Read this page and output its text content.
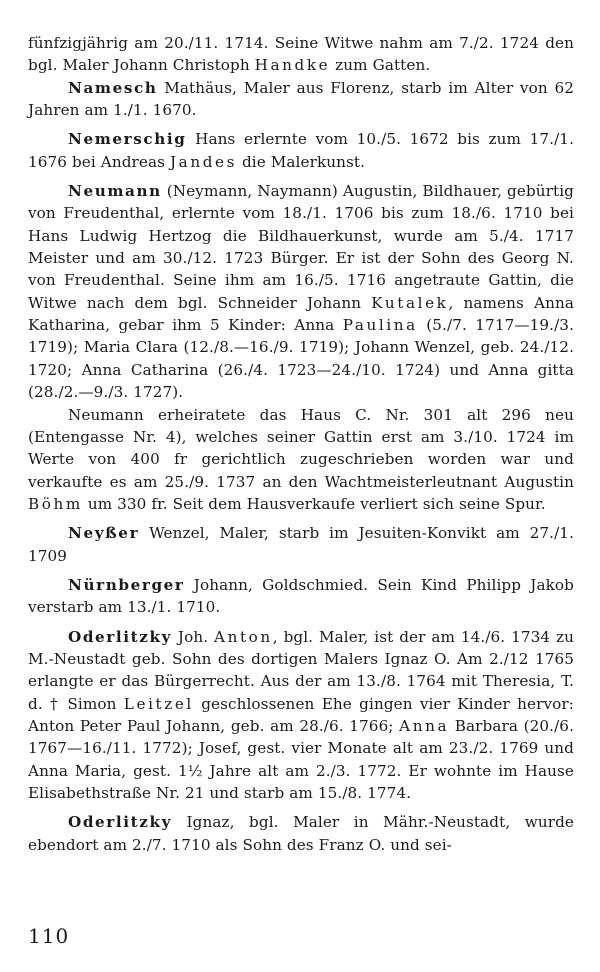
fünfzigjährig am 20./11. 1714. Seine Witwe nahm am 7./2. 1724 den bgl. Maler Johann Christoph Handke zum Gatten.

Namesch Mathäus, Maler aus Florenz, starb im Alter von 62 Jahren am 1./1. 1670.

Nemerschig Hans erlernte vom 10./5. 1672 bis zum 17./1. 1676 bei Andreas Jandes die Malerkunst.

Neumann (Neymann, Naymann) Augustin, Bildhauer, gebürtig von Freudenthal, erlernte vom 18./1. 1706 bis zum 18./6. 1710 bei Hans Ludwig Hertzog die Bildhauerkunst, wurde am 5./4. 1717 Meister und am 30./12. 1723 Bürger. Er ist der Sohn des Georg N. von Freudenthal. Seine ihm am 16./5. 1716 angetraute Gattin, die Witwe nach dem bgl. Schneider Johann Kutalek, namens Anna Katharina, gebar ihm 5 Kinder: Anna Paulina (5./7. 1717—19./3. 1719); Maria Clara (12./8.—16./9. 1719); Johann Wenzel, geb. 24./12. 1720; Anna Catharina (26./4. 1723—24./10. 1724) und Anna gitta (28./2.—9./3. 1727).

Neumann erheiratete das Haus C. Nr. 301 alt 296 neu (Entengasse Nr. 4), welches seiner Gattin erst am 3./10. 1724 im Werte von 400 fr gerichtlich zugeschrieben worden war und verkaufte es am 25./9. 1737 an den Wachtmeisterleutnant Augustin Böhm um 330 fr. Seit dem Hausverkaufe verliert sich seine Spur.

Neyßer Wenzel, Maler, starb im Jesuiten-Konvikt am 27./1. 1709

Nürnberger Johann, Goldschmied. Sein Kind Philipp Jakob verstarb am 13./1. 1710.

Oderlitzky Joh. Anton, bgl. Maler, ist der am 14./6. 1734 zu M.-Neustadt geb. Sohn des dortigen Malers Ignaz O. Am 2./12 1765 erlangte er das Bürgerrecht. Aus der am 13./8. 1764 mit Theresia, T. d. † Simon Leitzel geschlossenen Ehe gingen vier Kinder hervor: Anton Peter Paul Johann, geb. am 28./6. 1766; Anna Barbara (20./6. 1767—16./11. 1772); Josef, gest. vier Monate alt am 23./2. 1769 und Anna Maria, gest. 1½ Jahre alt am 2./3. 1772. Er wohnte im Hause Elisabethstraße Nr. 21 und starb am 15./8. 1774.

Oderlitzky Ignaz, bgl. Maler in Mähr.-Neustadt, wurde ebendort am 2./7. 1710 als Sohn des Franz O. und sei-

110
